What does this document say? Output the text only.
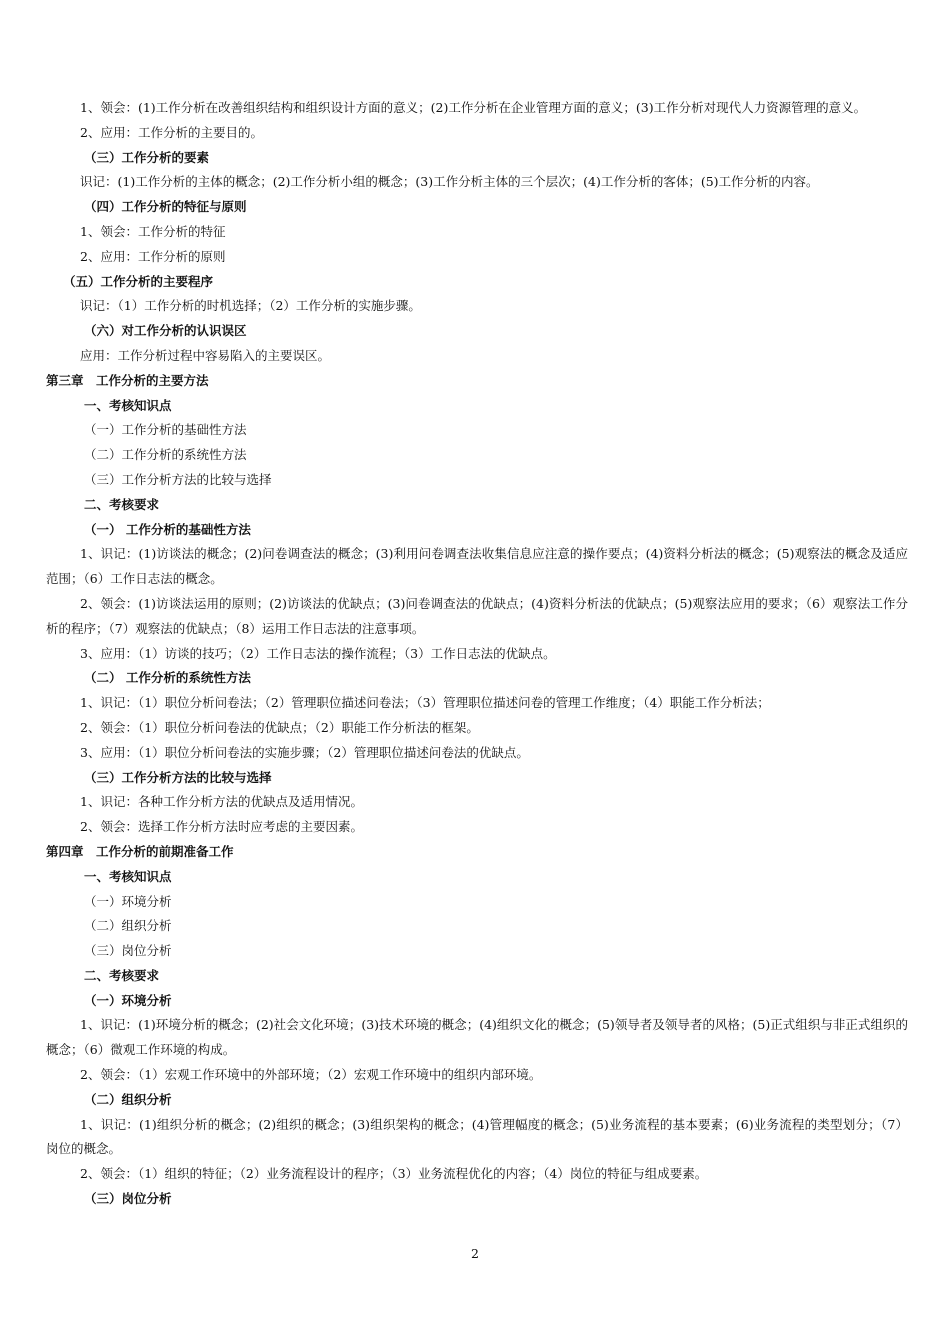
1、领会：(1)工作分析在改善组织结构和组织设计方面的意义；(2)工作分析在企业管理方面的意义；(3)工作分析对现代人力资源管理的意义。
2、应用：工作分析的主要目的。
（三）工作分析的要素
识记：(1)工作分析的主体的概念；(2)工作分析小组的概念；(3)工作分析主体的三个层次；(4)工作分析的客体；(5)工作分析的内容。
（四）工作分析的特征与原则
1、领会：工作分析的特征
2、应用：工作分析的原则
（五）工作分析的主要程序
识记：（1）工作分析的时机选择；（2）工作分析的实施步骤。
（六）对工作分析的认识误区
应用：工作分析过程中容易陷入的主要误区。
第三章　工作分析的主要方法
一、考核知识点
（一）工作分析的基础性方法
（二）工作分析的系统性方法
（三）工作分析方法的比较与选择
二、考核要求
（一） 工作分析的基础性方法
1、识记：(1)访谈法的概念；(2)问卷调查法的概念；(3)利用问卷调查法收集信息应注意的操作要点；(4)资料分析法的概念；(5)观察法的概念及适应范围；（6）工作日志法的概念。
2、领会：(1)访谈法运用的原则；(2)访谈法的优缺点；(3)问卷调查法的优缺点；(4)资料分析法的优缺点；(5)观察法应用的要求；（6）观察法工作分析的程序；（7）观察法的优缺点；（8）运用工作日志法的注意事项。
3、应用：（1）访谈的技巧；（2）工作日志法的操作流程；（3）工作日志法的优缺点。
（二） 工作分析的系统性方法
1、识记：（1）职位分析问卷法；（2）管理职位描述问卷法；（3）管理职位描述问卷的管理工作维度；（4）职能工作分析法；
2、领会：（1）职位分析问卷法的优缺点；（2）职能工作分析法的框架。
3、应用：（1）职位分析问卷法的实施步骤；（2）管理职位描述问卷法的优缺点。
（三）工作分析方法的比较与选择
1、识记：各种工作分析方法的优缺点及适用情况。
2、领会：选择工作分析方法时应考虑的主要因素。
第四章　工作分析的前期准备工作
一、考核知识点
（一）环境分析
（二）组织分析
（三）岗位分析
二、考核要求
（一）环境分析
1、识记：(1)环境分析的概念；(2)社会文化环境；(3)技术环境的概念；(4)组织文化的概念；(5)领导者及领导者的风格；(5)正式组织与非正式组织的概念；（6）微观工作环境的构成。
2、领会：（1）宏观工作环境中的外部环境；（2）宏观工作环境中的组织内部环境。
（二）组织分析
1、识记：(1)组织分析的概念；(2)组织的概念；(3)组织架构的概念；(4)管理幅度的概念；(5)业务流程的基本要素；(6)业务流程的类型划分；（7）岗位的概念。
2、领会：（1）组织的特征；（2）业务流程设计的程序；（3）业务流程优化的内容；（4）岗位的特征与组成要素。
（三）岗位分析
2
